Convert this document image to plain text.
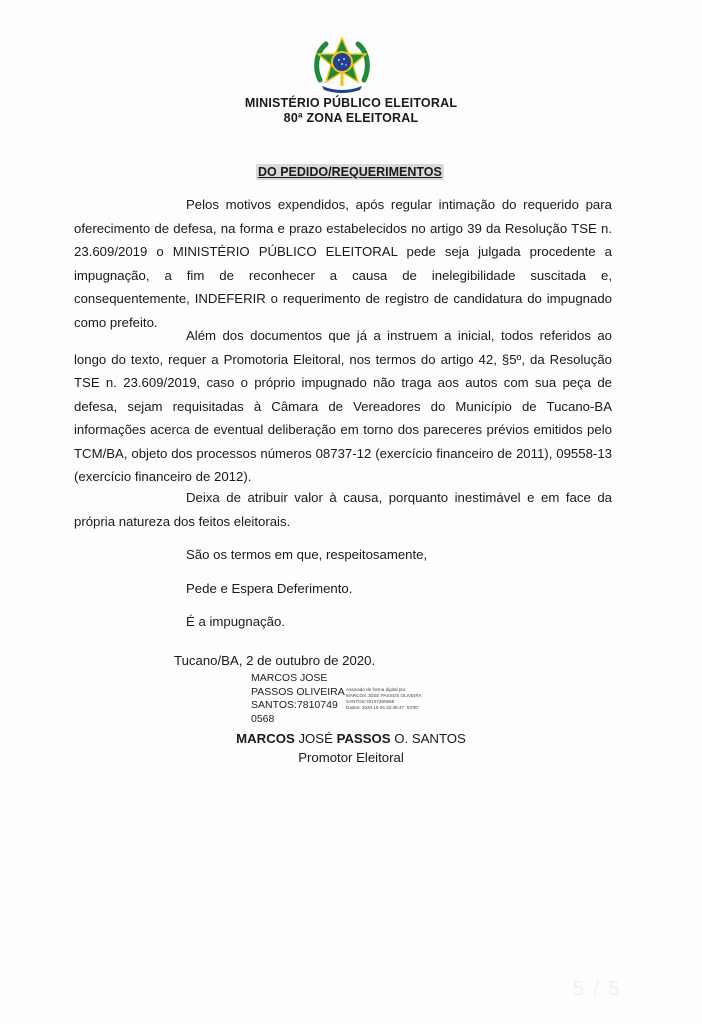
MINISTÉRIO PÚBLICO ELEITORAL
80ª ZONA ELEITORAL
DO PEDIDO/REQUERIMENTOS

Pelos motivos expendidos, após regular intimação do requerido para oferecimento de defesa, na forma e prazo estabelecidos no artigo 39 da Resolução TSE n. 23.609/2019 o MINISTÉRIO PÚBLICO ELEITORAL pede seja julgada procedente a impugnação, a fim de reconhecer a causa de inelegibilidade suscitada e, consequentemente, INDEFERIR o requerimento de registro de candidatura do impugnado como prefeito.

Além dos documentos que já a instruem a inicial, todos referidos ao longo do texto, requer a Promotoria Eleitoral, nos termos do artigo 42, §5º, da Resolução TSE n. 23.609/2019, caso o próprio impugnado não traga aos autos com sua peça de defesa, sejam requisitadas à Câmara de Vereadores do Município de Tucano-BA informações acerca de eventual deliberação em torno dos pareceres prévios emitidos pelo TCM/BA, objeto dos processos números 08737-12 (exercício financeiro de 2011), 09558-13 (exercício financeiro de 2012).

Deixa de atribuir valor à causa, porquanto inestimável e em face da própria natureza dos feitos eleitorais.

São os termos em que, respeitosamente,
Pede e Espera Deferimento.
É a impugnação.
Tucano/BA, 2 de outubro de 2020.
MARCOS JOSE
PASSOS OLIVEIRA
SANTOS:7810749
0568
Assinado de forma digital por
MARCOS JOSE PASSOS OLIVEIRA
SANTOS:78107490568
Dados: 2020.10.04 22:38:47 -03'00'
MARCOS JOSÉ PASSOS O. SANTOS
Promotor Eleitoral
5 / 5
